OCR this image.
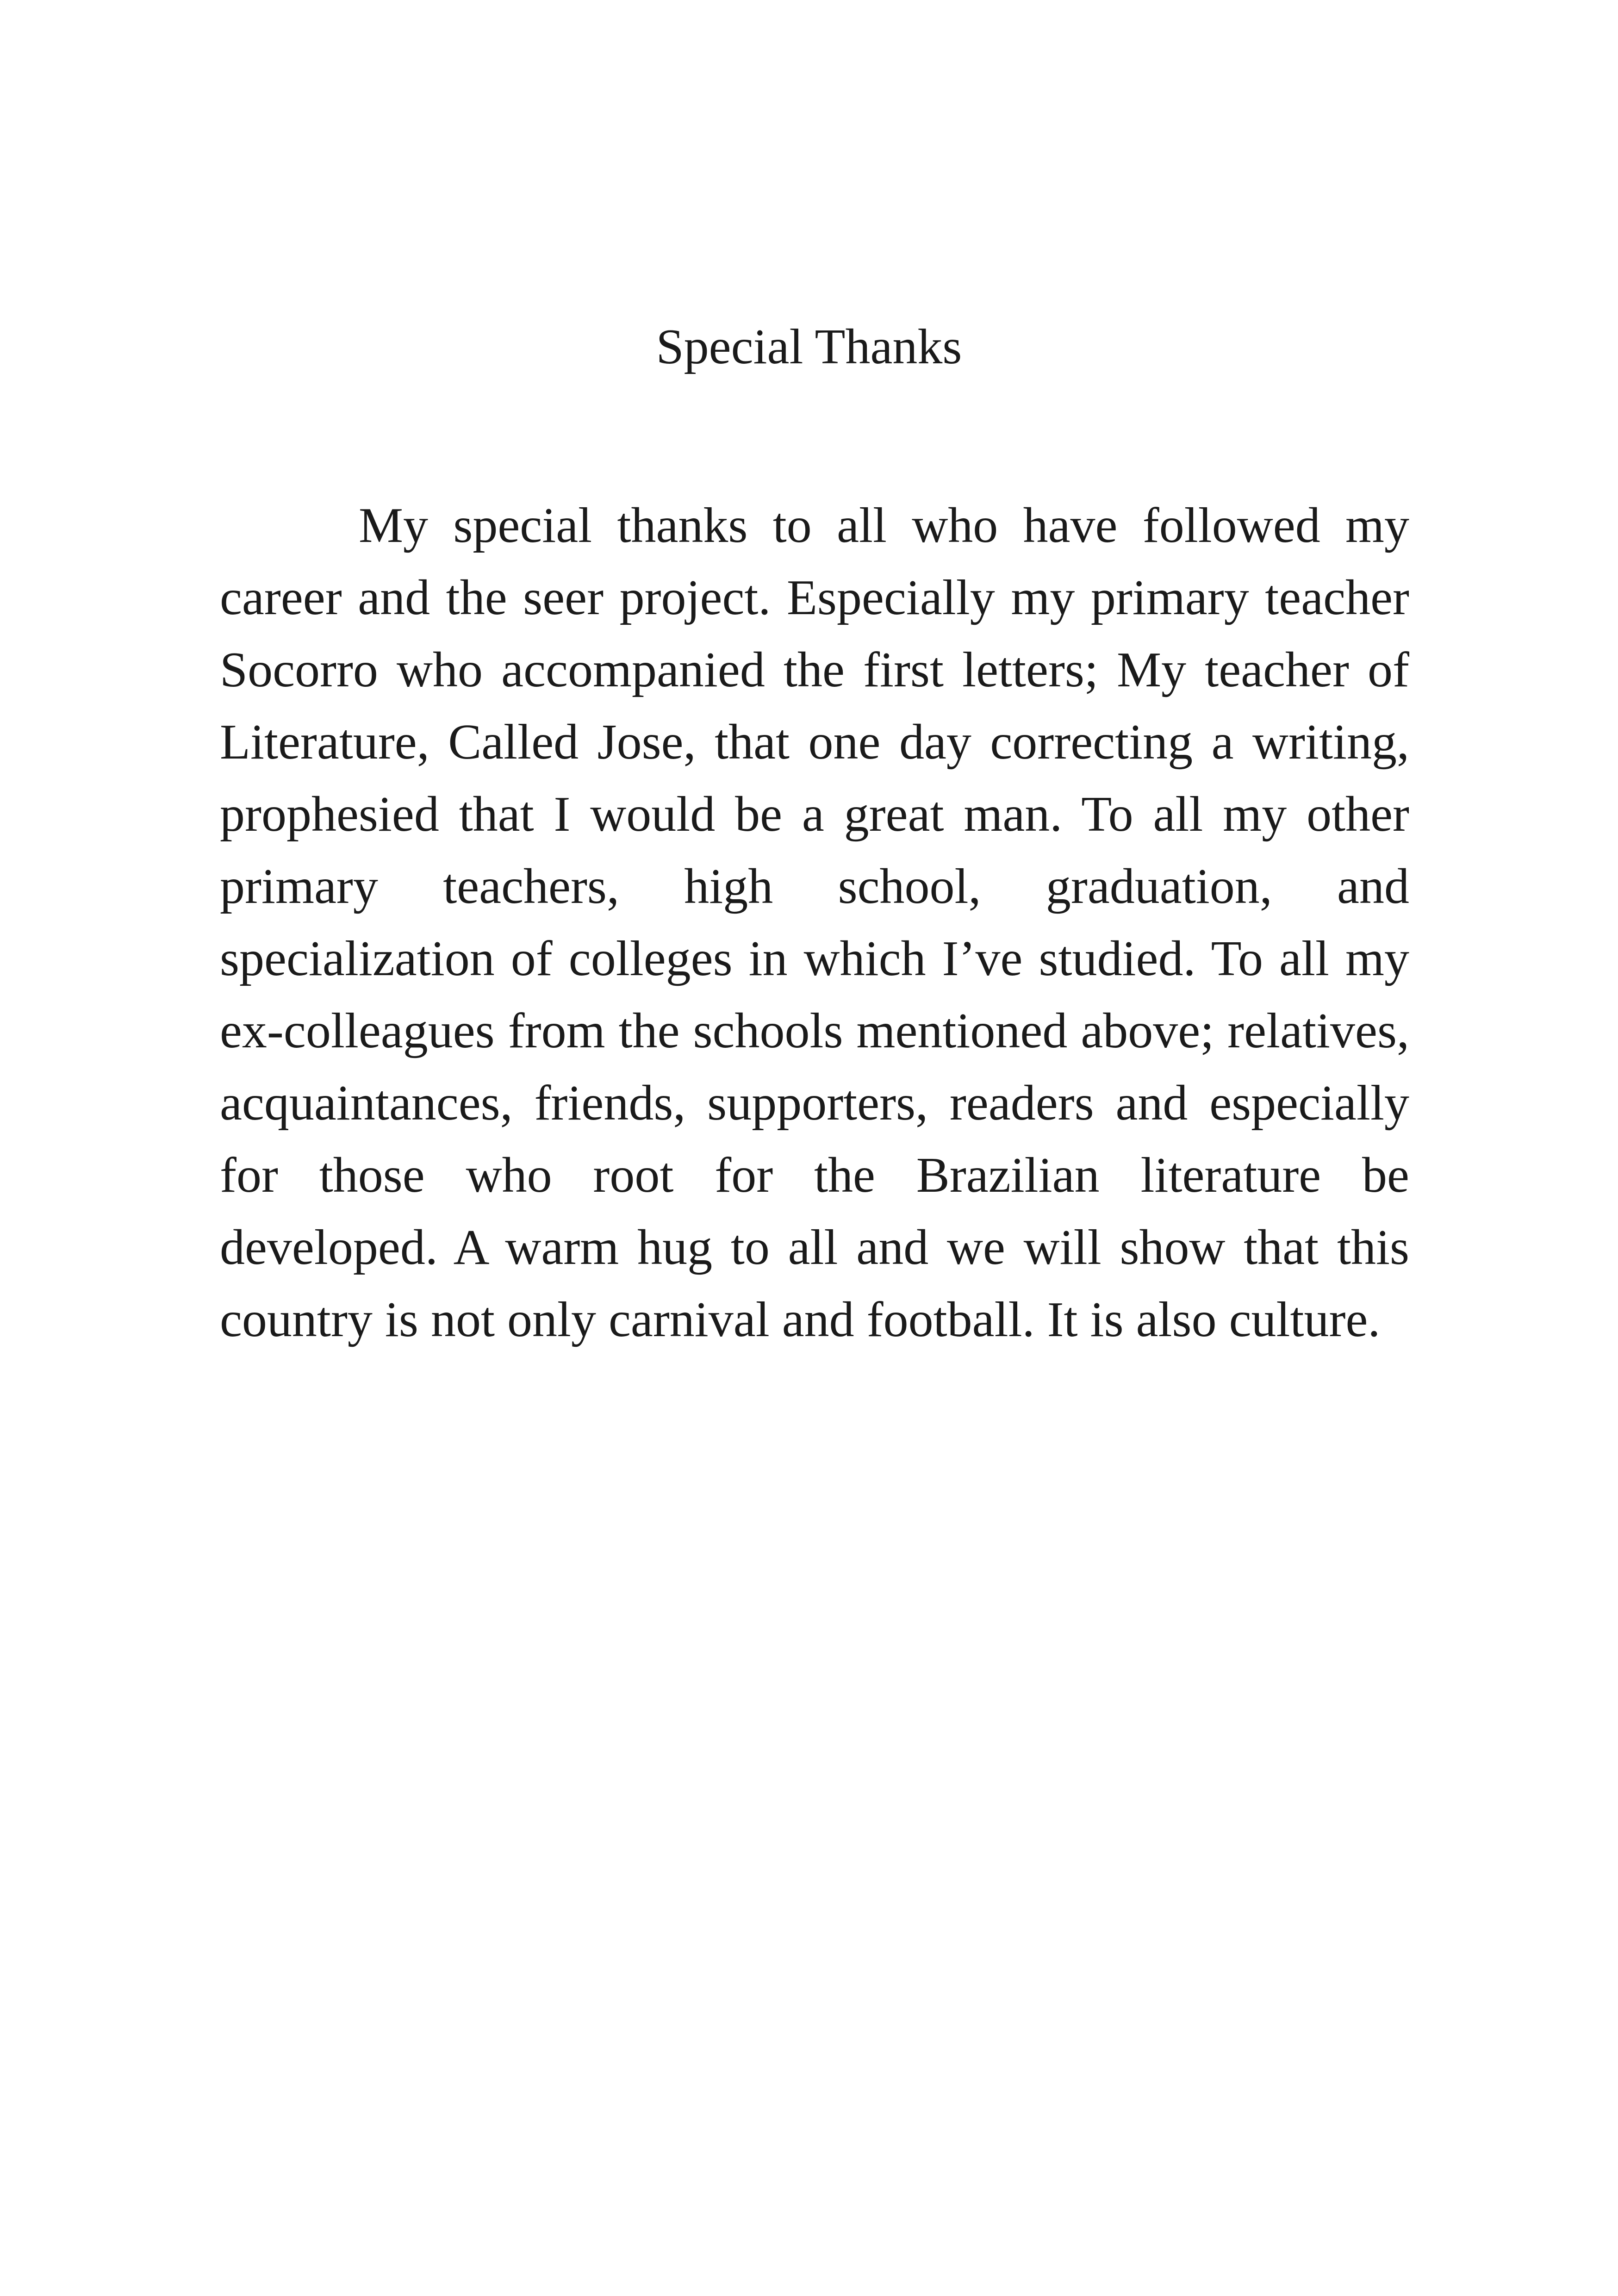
Special Thanks

My special thanks to all who have followed my career and the seer project. Especially my primary teacher Socorro who accompanied the first letters; My teacher of Literature, Called Jose, that one day correcting a writing, prophesied that I would be a great man. To all my other primary teachers, high school, graduation, and specialization of colleges in which I’ve studied. To all my ex-colleagues from the schools mentioned above; relatives, acquaintances, friends, supporters, readers and especially for those who root for the Brazilian literature be developed. A warm hug to all and we will show that this country is not only carnival and football. It is also culture.
